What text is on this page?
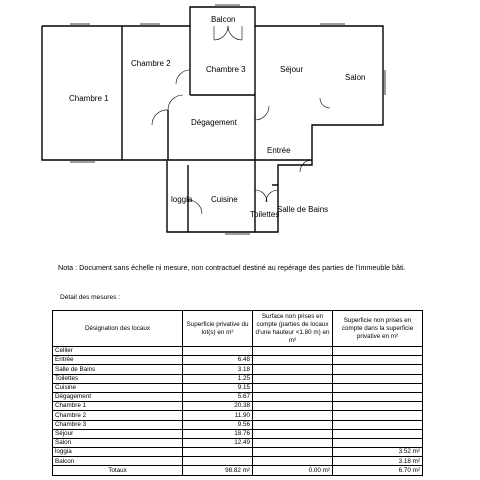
Balcon
Chambre 2
Chambre 3	Séjour
Salon
Chambre 1
Dégagement
Entrée
loggia Cuisine
Toilettes
Salle de Bains
Nota : Document sans échelle ni mesure, non contractuel destiné au repérage des parties de l’immeuble bâti.
Détail des mesures :
Désignation des locaux	Superficie privative du lot(s) en m²	Surface non prises en compte (parties de locaux d’une hauteur <1.80 m) en m²	Superficie non prises en compte dans la superficie privative en m²
Cellier			
Entrée	6.48		
Salle de Bains	3.18		
Toilettes	1.25		
Cuisine	9.15		
Dégagement	5.67		
Chambre 1	20.38		
Chambre 2	11.90		
Chambre 3	9.56		
Séjour	18.76		
Salon	12.49		
loggia			3.52 m²
Balcon			3.18 m²
Totaux	98.82 m²	0.00 m²	6.70 m²
